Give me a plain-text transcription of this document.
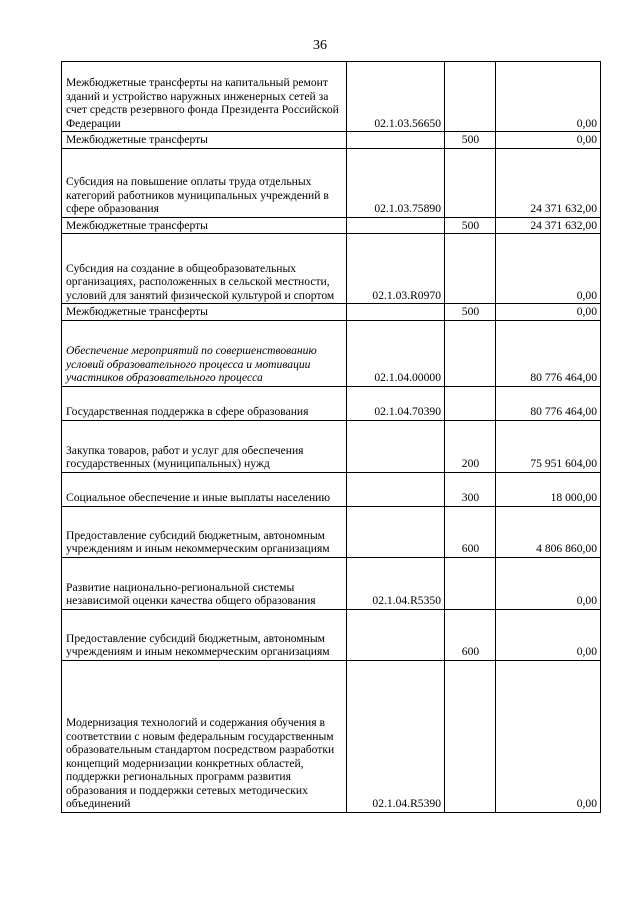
36
Межбюджетные трансферты на капитальный ремонт зданий и устройство наружных инженерных сетей за счет средств резервного фонда Президента Российской Федерации	02.1.03.56650		0,00
Межбюджетные трансферты		500	0,00
Субсидия на повышение оплаты труда отдельных категорий работников муниципальных учреждений в сфере образования	02.1.03.75890		24 371 632,00
Межбюджетные трансферты		500	24 371 632,00
Субсидия на создание в общеобразовательных организациях, расположенных в сельской местности, условий для занятий физической культурой и спортом	02.1.03.R0970		0,00
Межбюджетные трансферты		500	0,00
Обеспечение мероприятий по совершенствованию условий образовательного процесса и мотивации участников образовательного процесса	02.1.04.00000		80 776 464,00
Государственная поддержка в сфере образования	02.1.04.70390		80 776 464,00
Закупка товаров, работ и услуг для обеспечения государственных (муниципальных) нужд		200	75 951 604,00
Социальное обеспечение и иные выплаты населению		300	18 000,00
Предоставление субсидий бюджетным, автономным учреждениям и иным некоммерческим организациям		600	4 806 860,00
Развитие национально-региональной системы независимой оценки качества общего образования	02.1.04.R5350		0,00
Предоставление субсидий бюджетным, автономным учреждениям и иным некоммерческим организациям		600	0,00
Модернизация технологий и содержания обучения в соответствии с новым федеральным государственным образовательным стандартом посредством разработки концепций модернизации конкретных областей, поддержки региональных программ развития образования и поддержки сетевых методических объединений	02.1.04.R5390		0,00
